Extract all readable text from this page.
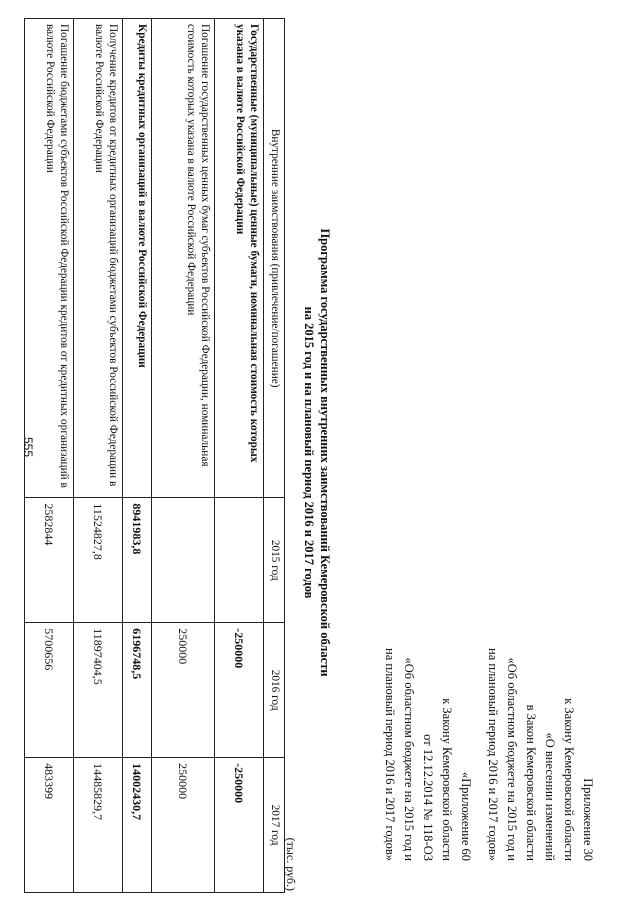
555
Приложение 30
к Закону Кемеровской области
«О внесении изменений
в Закон Кемеровской области
«Об областном бюджете на 2015 год и
на плановый период 2016 и 2017 годов»
«Приложение 60
к Закону Кемеровской области
от 12.12.2014 № 118-ОЗ
«Об областном бюджете на 2015 год и
на плановый период 2016 и 2017 годов»
Программа государственных внутренних заимствований Кемеровской области
на 2015 год и на плановый период 2016 и 2017 годов
(тыс. руб.)
Внутренние заимствования (привлечение/погашение)	2015 год	2016 год	2017 год
Государственные (муниципальные) ценные бумаги, номинальная стоимость которых указана в валюте Российской Федерации		-250000	-250000
Погашение государственных ценных бумаг субъектов Российской Федерации, номинальная стоимость которых указана в валюте Российской Федерации		250000	250000
Кредиты кредитных организаций в валюте Российской Федерации	8941983,8	6196748,5	14002430,7
Получение кредитов от кредитных организаций бюджетами субъектов Российской Федерации в валюте Российской Федерации	11524827,8	11897404,5	14485829,7
Погашение бюджетами субъектов Российской Федерации кредитов от кредитных организаций в валюте Российской Федерации	2582844	5700656	483399
